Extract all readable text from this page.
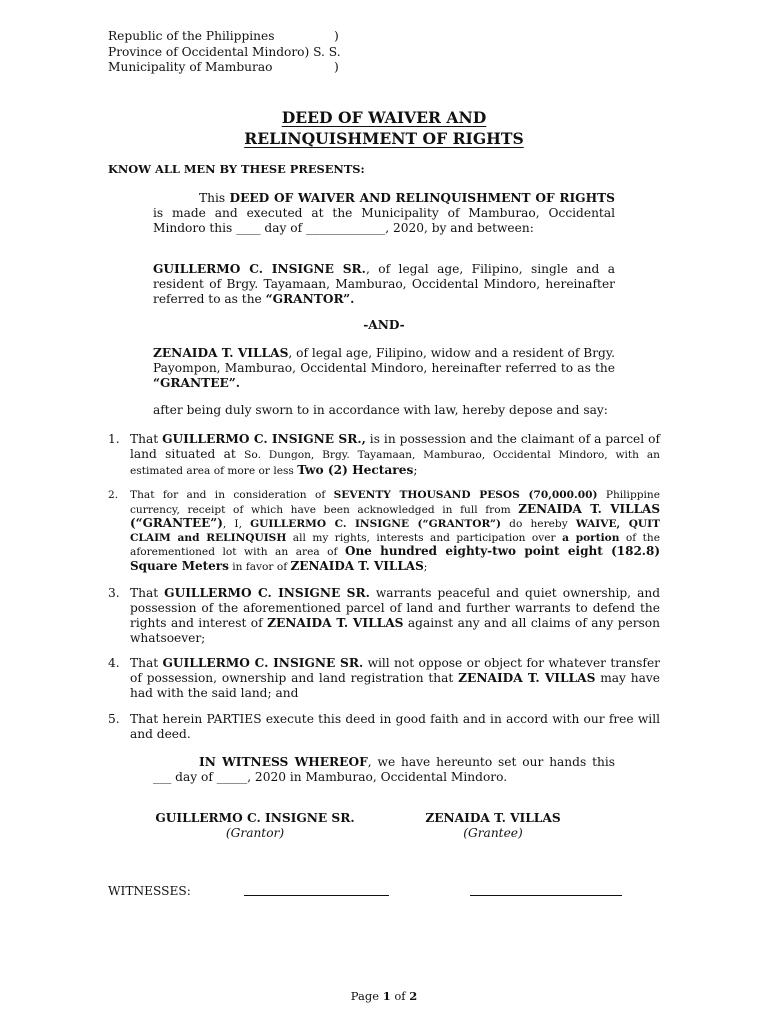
Republic of the Philippines	)
Province of Occidental Mindoro) S. S.
Municipality of Mamburao	)
DEED OF WAIVER AND
RELINQUISHMENT OF RIGHTS
KNOW ALL MEN BY THESE PRESENTS:
This DEED OF WAIVER AND RELINQUISHMENT OF RIGHTS is made and executed at the Municipality of Mamburao, Occidental Mindoro this ____ day of _____________, 2020, by and between:
GUILLERMO C. INSIGNE SR., of legal age, Filipino, single and a resident of Brgy. Tayamaan, Mamburao, Occidental Mindoro, hereinafter referred to as the “GRANTOR”.
-AND-
ZENAIDA T. VILLAS, of legal age, Filipino, widow and a resident of Brgy. Payompon, Mamburao, Occidental Mindoro, hereinafter referred to as the “GRANTEE”.
after being duly sworn to in accordance with law, hereby depose and say:
1. That GUILLERMO C. INSIGNE SR., is in possession and the claimant of a parcel of land situated at So. Dungon, Brgy. Tayamaan, Mamburao, Occidental Mindoro, with an estimated area of more or less Two (2) Hectares;
2. That for and in consideration of SEVENTY THOUSAND PESOS (70,000.00) Philippine currency, receipt of which have been acknowledged in full from ZENAIDA T. VILLAS (“GRANTEE”), I, GUILLERMO C. INSIGNE (“GRANTOR”) do hereby WAIVE, QUIT CLAIM and RELINQUISH all my rights, interests and participation over a portion of the aforementioned lot with an area of One hundred eighty-two point eight (182.8) Square Meters in favor of ZENAIDA T. VILLAS;
3. That GUILLERMO C. INSIGNE SR. warrants peaceful and quiet ownership, and possession of the aforementioned parcel of land and further warrants to defend the rights and interest of ZENAIDA T. VILLAS against any and all claims of any person whatsoever;
4. That GUILLERMO C. INSIGNE SR. will not oppose or object for whatever transfer of possession, ownership and land registration that ZENAIDA T. VILLAS may have had with the said land; and
5. That herein PARTIES execute this deed in good faith and in accord with our free will and deed.
IN WITNESS WHEREOF, we have hereunto set our hands this ___ day of _____, 2020 in Mamburao, Occidental Mindoro.
GUILLERMO C. INSIGNE SR.
(Grantor)
ZENAIDA T. VILLAS
(Grantee)
WITNESSES:
Page 1 of 2
